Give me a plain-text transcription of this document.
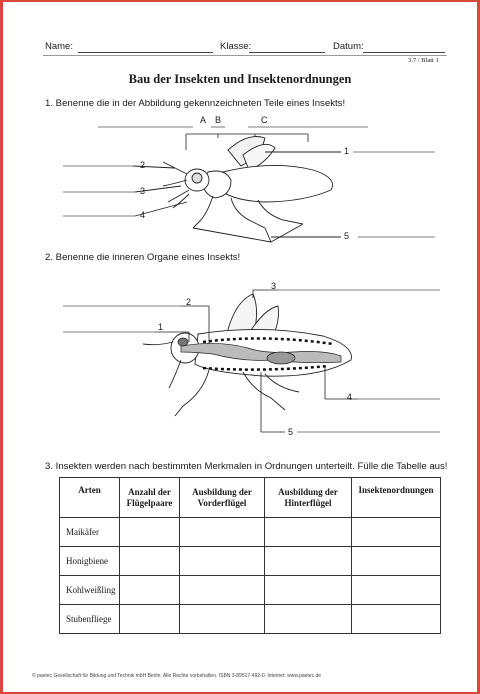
Name:	Klasse:	Datum:
3.7 / Blatt 1
Bau der Insekten und Insektenordnungen
1. Benenne die in der Abbildung gekennzeichneten Teile eines Insekts!
A B	C
1
2
3
4
5
2. Benenne die inneren Organe eines Insekts!
3
2
1
4
5
3. Insekten werden nach bestimmten Merkmalen in Ordnungen unterteilt. Fülle die Tabelle aus!
Arten	Anzahl der Flügelpaare	Ausbildung der Vorderflügel	Ausbildung der Hinterflügel	Insektenordnungen
Maikäfer				
Honigbiene				
Kohlweißling				
Stubenfliege				
© paetec Gesellschaft für Bildung und Technik mbH Berlin. Alle Rechte vorbehalten. ISBN 3-89517-492-0. Internet: www.paetec.de
